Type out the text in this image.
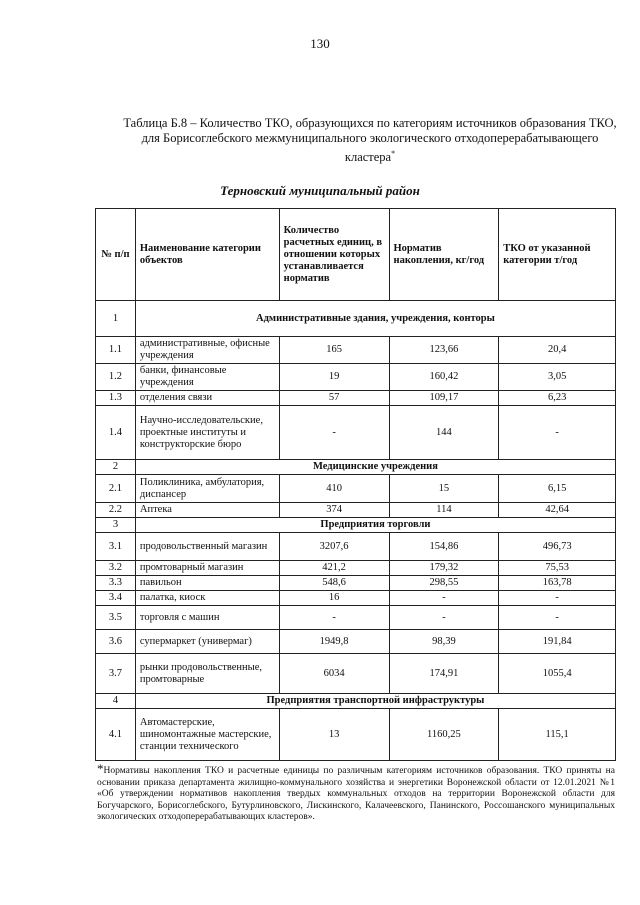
130
Таблица Б.8 – Количество ТКО, образующихся по категориям источников образования ТКО, для Борисоглебского межмуниципального экологического отходоперерабатывающего кластера*
Терновский муниципальный район
№ п/п	Наименование категории объектов	Количество расчетных единиц, в отношении которых устанавливается норматив	Норматив накопления, кг/год	ТКО от указанной категории т/год
1	Административные здания, учреждения, конторы			
1.1	административные, офисные учреждения	165	123,66	20,4
1.2	банки, финансовые учреждения	19	160,42	3,05
1.3	отделения связи	57	109,17	6,23
1.4	Научно-исследовательские, проектные институты и конструкторские бюро	-	144	-
2	Медицинские учреждения			
2.1	Поликлиника, амбулатория, диспансер	410	15	6,15
2.2	Аптека	374	114	42,64
3	Предприятия торговли			
3.1	продовольственный магазин	3207,6	154,86	496,73
3.2	промтоварный магазин	421,2	179,32	75,53
3.3	павильон	548,6	298,55	163,78
3.4	палатка, киоск	16	-	-
3.5	торговля с машин	-	-	-
3.6	супермаркет (универмаг)	1949,8	98,39	191,84
3.7	рынки продовольственные, промтоварные	6034	174,91	1055,4
4	Предприятия транспортной инфраструктуры			
4.1	Автомастерские, шиномонтажные мастерские, станции технического	13	1160,25	115,1
*Нормативы накопления ТКО и расчетные единицы по различным категориям источников образования. ТКО приняты на основании приказа департамента жилищно-коммунального хозяйства и энергетики Воронежской области от 12.01.2021 №1 «Об утверждении нормативов накопления твердых коммунальных отходов на территории Воронежской области для Богучарского, Борисоглебского, Бутурлиновского, Лискинского, Калачеевского, Панинского, Россошанского муниципальных экологических отходоперерабатывающих кластеров».
